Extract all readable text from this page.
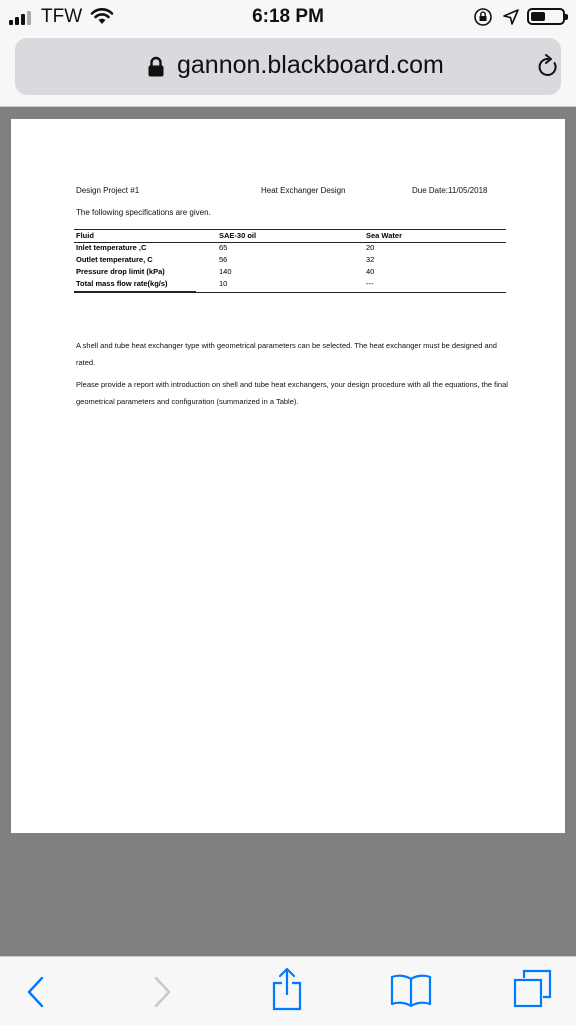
TFW	6:18 PM
gannon.blackboard.com
Design Project #1	Heat Exchanger Design	Due Date:11/05/2018
The following specifications are given.
Fluid	SAE-30 oil	Sea Water
Inlet temperature ,C	65	20
Outlet temperature, C	56	32
Pressure drop limit (kPa)	140	40
Total mass flow rate(kg/s)	10	---
A shell and tube heat exchanger type with geometrical parameters can be selected. The heat exchanger must be designed and rated.
Please provide a report with introduction on shell and tube heat exchangers, your design procedure with all the equations, the final geometrical parameters and configuration (summarized in a Table).
